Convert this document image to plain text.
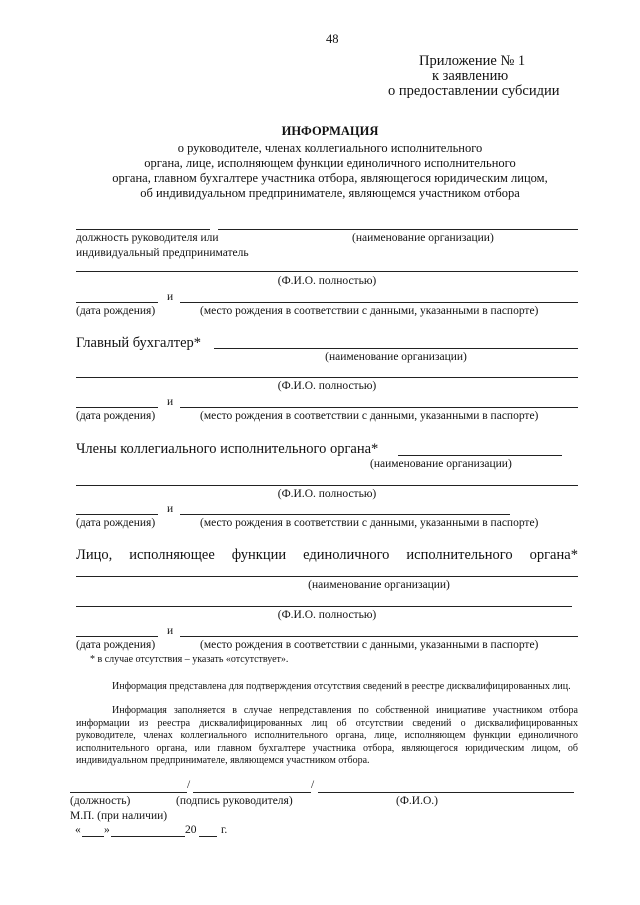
48
Приложение № 1
к заявлению
о предоставлении субсидии
ИНФОРМАЦИЯ
о руководителе, членах коллегиального исполнительного
органа, лице, исполняющем функции единоличного исполнительного
органа, главном бухгалтере участника отбора, являющегося юридическим лицом,
об индивидуальном предпринимателе, являющемся участником отбора
должность руководителя или	(наименование организации)
индивидуальный предприниматель
(Ф.И.О. полностью)
и
(дата рождения)	(место рождения в соответствии с данными, указанными в паспорте)
Главный бухгалтер*
(наименование организации)
(Ф.И.О. полностью)
и
(дата рождения)	(место рождения в соответствии с данными, указанными в паспорте)
Члены коллегиального исполнительного органа*
(наименование организации)
(Ф.И.О. полностью)
и
(дата рождения)	(место рождения в соответствии с данными, указанными в паспорте)
Лицо, исполняющее функции единоличного исполнительного органа*
(наименование организации)
(Ф.И.О. полностью)
и
(дата рождения)	(место рождения в соответствии с данными, указанными в паспорте)
* в случае отсутствия – указать «отсутствует».
Информация представлена для подтверждения отсутствия сведений в реестре дисквалифицированных лиц.
Информация заполняется в случае непредставления по собственной инициативе участником отбора информации из реестра дисквалифицированных лиц об отсутствии сведений о дисквалифицированных руководителе, членах коллегиального исполнительного органа, лице, исполняющем функции единоличного исполнительного органа, или главном бухгалтере участника отбора, являющегося юридическим лицом, об индивидуальном предпринимателе, являющемся участником отбора.
/	/
(должность)	(подпись руководителя)	(Ф.И.О.)
М.П. (при наличии)
« »	20 г.
